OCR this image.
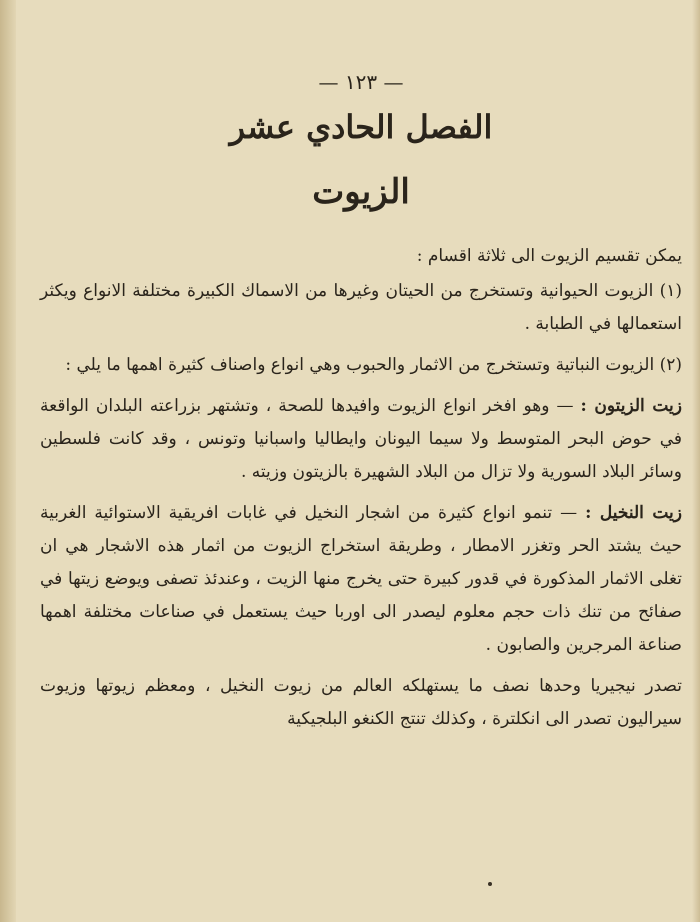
— ١٢٣ —
الفصل الحادي عشر
الزيوت

يمكن تقسيم الزيوت الى ثلاثة اقسام :

(١) الزيوت الحيوانية وتستخرج من الحيتان وغيرها من الاسماك الكبيرة مختلفة الانواع ويكثر استعمالها في الطبابة .

(٢) الزيوت النباتية وتستخرج من الاثمار والحبوب وهي انواع واصناف كثيرة اهمها ما يلي :

زيت الزيتون : — وهو افخر انواع الزيوت وافيدها للصحة ، وتشتهر بزراعته البلدان الواقعة في حوض البحر المتوسط ولا سيما اليونان وايطاليا واسبانيا وتونس ، وقد كانت فلسطين وسائر البلاد السورية ولا تزال من البلاد الشهيرة بالزيتون وزيته .

زيت النخيل : — تنمو انواع كثيرة من اشجار النخيل في غابات افريقية الاستوائية الغربية حيث يشتد الحر وتغزر الامطار ، وطريقة استخراج الزيوت من اثمار هذه الاشجار هي ان تغلى الاثمار المذكورة في قدور كبيرة حتى يخرج منها الزيت ، وعندئذ تصفى ويوضع زيتها في صفائح من تنك ذات حجم معلوم ليصدر الى اوربا حيث يستعمل في صناعات مختلفة اهمها صناعة المرجرين والصابون .

تصدر نيجيريا وحدها نصف ما يستهلكه العالم من زيوت النخيل ، ومعظم زيوتها وزيوت سيراليون تصدر الى انكلترة ، وكذلك تنتج الكنغو البلجيكية
